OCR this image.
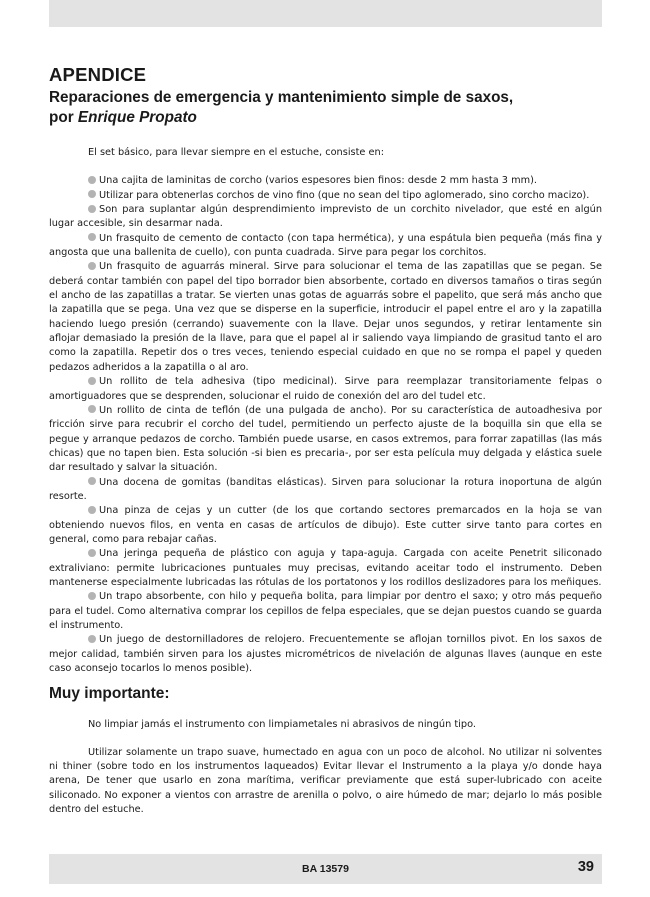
APENDICE
Reparaciones de emergencia y mantenimiento simple de saxos,
por Enrique Propato

El set básico, para llevar siempre en el estuche, consiste en:

Una cajita de laminitas de corcho (varios espesores bien finos: desde 2 mm hasta 3 mm).

Utilizar para obtenerlas corchos de vino fino (que no sean del tipo aglomerado, sino corcho macizo).

Son para suplantar algún desprendimiento imprevisto de un corchito nivelador, que esté en algún lugar accesible, sin desarmar nada.

Un frasquito de cemento de contacto (con tapa hermética), y una espátula bien pequeña (más fina y angosta que una ballenita de cuello), con punta cuadrada. Sirve para pegar los corchitos.

Un frasquito de aguarrás mineral. Sirve para solucionar el tema de las zapatillas que se pegan. Se deberá contar también con papel del tipo borrador bien absorbente, cortado en diversos tamaños o tiras según el ancho de las zapatillas a tratar. Se vierten unas gotas de aguarrás sobre el papelito, que será más ancho que la zapatilla que se pega. Una vez que se disperse en la superficie, introducir el papel entre el aro y la zapatilla haciendo luego presión (cerrando) suavemente con la llave. Dejar unos segundos, y retirar lentamente sin aflojar demasiado la presión de la llave, para que el papel al ir saliendo vaya limpiando de grasitud tanto el aro como la zapatilla. Repetir dos o tres veces, teniendo especial cuidado en que no se rompa el papel y queden pedazos adheridos a la zapatilla o al aro.

Un rollito de tela adhesiva (tipo medicinal). Sirve para reemplazar transitoriamente felpas o amortiguadores que se desprenden, solucionar el ruido de conexión del aro del tudel etc.

Un rollito de cinta de teflón (de una pulgada de ancho). Por su característica de autoadhesiva por fricción sirve para recubrir el corcho del tudel, permitiendo un perfecto ajuste de la boquilla sin que ella se pegue y arranque pedazos de corcho. También puede usarse, en casos extremos, para forrar zapatillas (las más chicas) que no tapen bien. Esta solución -si bien es precaria-, por ser esta película muy delgada y elástica suele dar resultado y salvar la situación.

Una docena de gomitas (banditas elásticas). Sirven para solucionar la rotura inoportuna de algún resorte.

Una pinza de cejas y un cutter (de los que cortando sectores premarcados en la hoja se van obteniendo nuevos filos, en venta en casas de artículos de dibujo). Este cutter sirve tanto para cortes en general, como para rebajar cañas.

Una jeringa pequeña de plástico con aguja y tapa-aguja. Cargada con aceite Penetrit siliconado extraliviano: permite lubricaciones puntuales muy precisas, evitando aceitar todo el instrumento. Deben mantenerse especialmente lubricadas las rótulas de los portatonos y los rodillos deslizadores para los meñiques.

Un trapo absorbente, con hilo y pequeña bolita, para limpiar por dentro el saxo; y otro más pequeño para el tudel. Como alternativa comprar los cepillos de felpa especiales, que se dejan puestos cuando se guarda el instrumento.

Un juego de destornilladores de relojero. Frecuentemente se aflojan tornillos pivot. En los saxos de mejor calidad, también sirven para los ajustes micrométricos de nivelación de algunas llaves (aunque en este caso aconsejo tocarlos lo menos posible).

Muy importante:

No limpiar jamás el instrumento con limpiametales ni abrasivos de ningún tipo.

Utilizar solamente un trapo suave, humectado en agua con un poco de alcohol. No utilizar ni solventes ni thiner (sobre todo en los instrumentos laqueados) Evitar llevar el Instrumento a la playa y/o donde haya arena, De tener que usarlo en zona marítima, verificar previamente que está super-lubricado con aceite siliconado. No exponer a vientos con arrastre de arenilla o polvo, o aire húmedo de mar; dejarlo lo más posible dentro del estuche.

BA 13579	39
